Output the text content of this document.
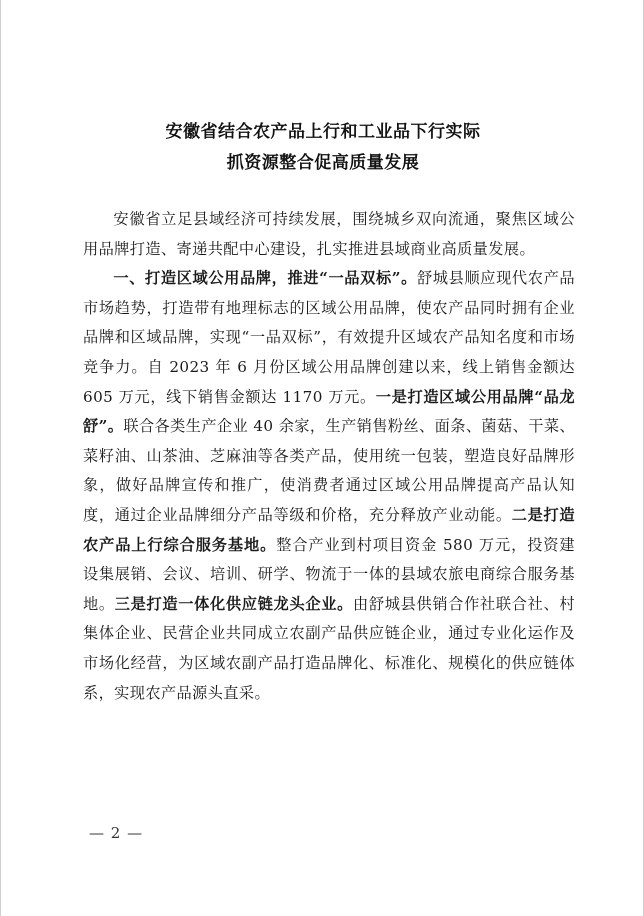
安徽省结合农产品上行和工业品下行实际
抓资源整合促高质量发展

安徽省立足县域经济可持续发展，围绕城乡双向流通，聚焦区域公用品牌打造、寄递共配中心建设，扎实推进县域商业高质量发展。

一、打造区域公用品牌，推进“一品双标”。舒城县顺应现代农产品市场趋势，打造带有地理标志的区域公用品牌，使农产品同时拥有企业品牌和区域品牌，实现“一品双标”，有效提升区域农产品知名度和市场竞争力。自 2023 年 6 月份区域公用品牌创建以来，线上销售金额达 605 万元，线下销售金额达 1170 万元。一是打造区域公用品牌“品龙舒”。联合各类生产企业 40 余家，生产销售粉丝、面条、菌菇、干菜、菜籽油、山茶油、芝麻油等各类产品，使用统一包装，塑造良好品牌形象，做好品牌宣传和推广，使消费者通过区域公用品牌提高产品认知度，通过企业品牌细分产品等级和价格，充分释放产业动能。二是打造农产品上行综合服务基地。整合产业到村项目资金 580 万元，投资建设集展销、会议、培训、研学、物流于一体的县域农旅电商综合服务基地。三是打造一体化供应链龙头企业。由舒城县供销合作社联合社、村集体企业、民营企业共同成立农副产品供应链企业，通过专业化运作及市场化经营，为区域农副产品打造品牌化、标准化、规模化的供应链体系，实现农产品源头直采。

— 2 —
